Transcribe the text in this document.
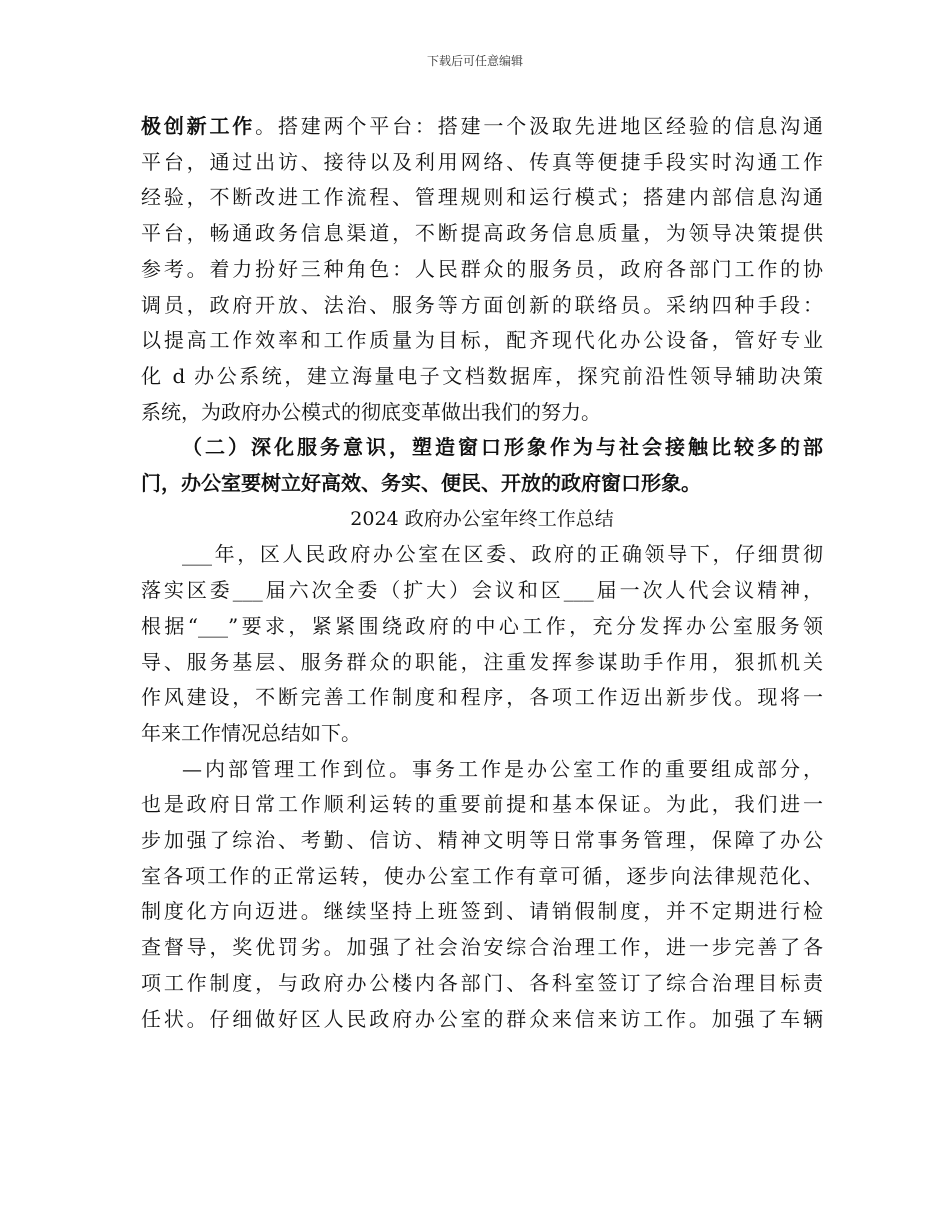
下载后可任意编辑
极创新工作。搭建两个平台：搭建一个汲取先进地区经验的信息沟通
平台，通过出访、接待以及利用网络、传真等便捷手段实时沟通工作
经验，不断改进工作流程、管理规则和运行模式；搭建内部信息沟通
平台，畅通政务信息渠道，不断提高政务信息质量，为领导决策提供
参考。着力扮好三种角色：人民群众的服务员，政府各部门工作的协
调员，政府开放、法治、服务等方面创新的联络员。采纳四种手段：
以提高工作效率和工作质量为目标，配齐现代化办公设备，管好专业
化 d 办公系统，建立海量电子文档数据库，探究前沿性领导辅助决策
系统，为政府办公模式的彻底变革做出我们的努力。
（二）深化服务意识，塑造窗口形象作为与社会接触比较多的部
门，办公室要树立好高效、务实、便民、开放的政府窗口形象。
2024 政府办公室年终工作总结
___年，区人民政府办公室在区委、政府的正确领导下，仔细贯彻
落实区委___届六次全委（扩大）会议和区___届一次人代会议精神，
根据“___”要求，紧紧围绕政府的中心工作，充分发挥办公室服务领
导、服务基层、服务群众的职能，注重发挥参谋助手作用，狠抓机关
作风建设，不断完善工作制度和程序，各项工作迈出新步伐。现将一
年来工作情况总结如下。
—内部管理工作到位。事务工作是办公室工作的重要组成部分，
也是政府日常工作顺利运转的重要前提和基本保证。为此，我们进一
步加强了综治、考勤、信访、精神文明等日常事务管理，保障了办公
室各项工作的正常运转，使办公室工作有章可循，逐步向法律规范化、
制度化方向迈进。继续坚持上班签到、请销假制度，并不定期进行检
查督导，奖优罚劣。加强了社会治安综合治理工作，进一步完善了各
项工作制度，与政府办公楼内各部门、各科室签订了综合治理目标责
任状。仔细做好区人民政府办公室的群众来信来访工作。加强了车辆
